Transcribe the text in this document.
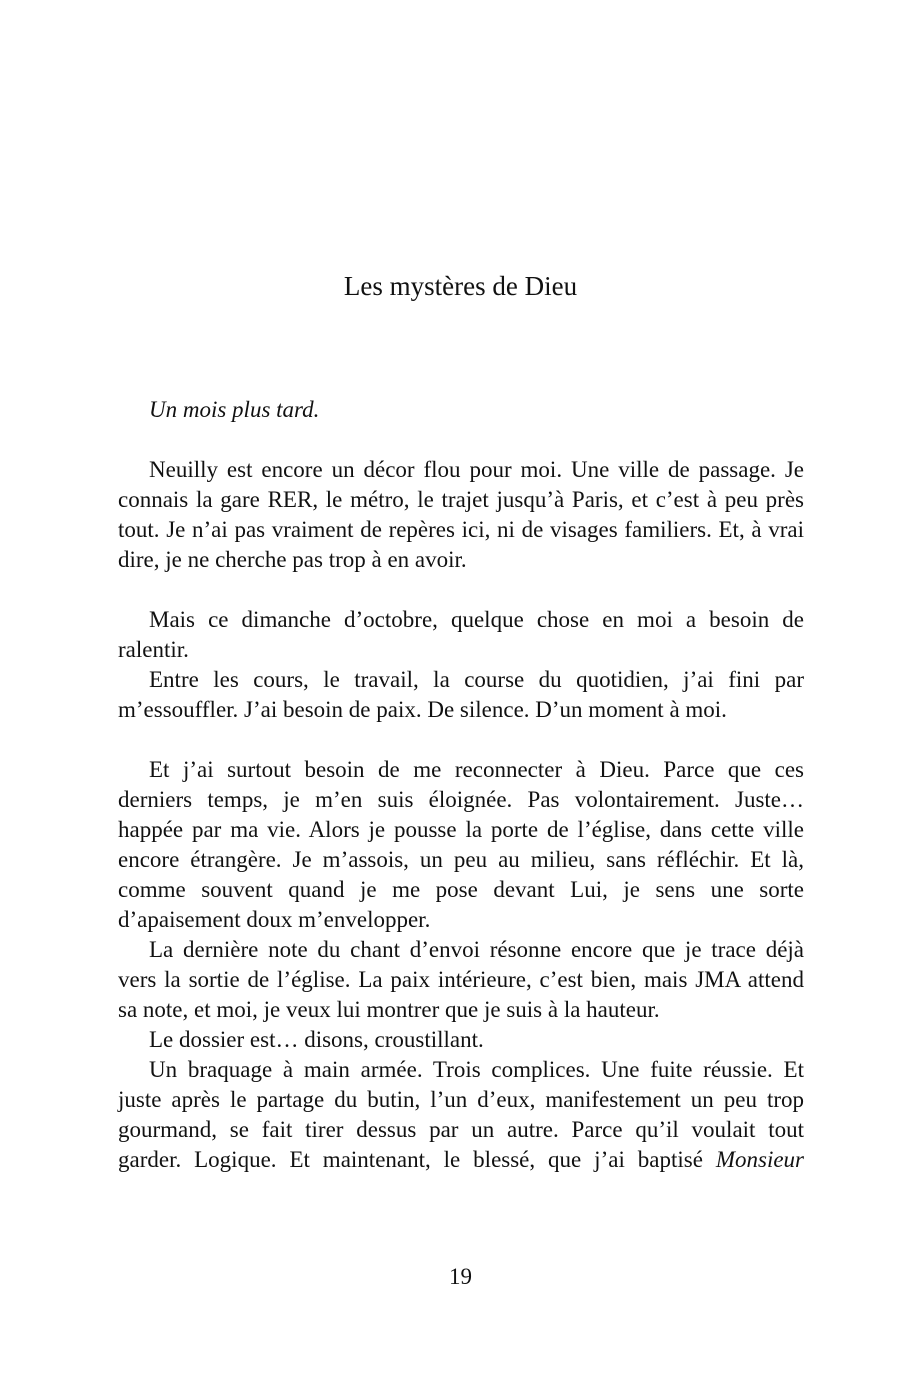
Les mystères de Dieu

Un mois plus tard.

Neuilly est encore un décor flou pour moi. Une ville de passage. Je
connais la gare RER, le métro, le trajet jusqu’à Paris, et c’est à peu près
tout. Je n’ai pas vraiment de repères ici, ni de visages familiers. Et, à vrai
dire, je ne cherche pas trop à en avoir.

Mais ce dimanche d’octobre, quelque chose en moi a besoin de
ralentir.

Entre les cours, le travail, la course du quotidien, j’ai fini par
m’essouffler. J’ai besoin de paix. De silence. D’un moment à moi.

Et j’ai surtout besoin de me reconnecter à Dieu. Parce que ces
derniers temps, je m’en suis éloignée. Pas volontairement. Juste…
happée par ma vie. Alors je pousse la porte de l’église, dans cette ville
encore étrangère. Je m’assois, un peu au milieu, sans réfléchir. Et là,
comme souvent quand je me pose devant Lui, je sens une sorte
d’apaisement doux m’envelopper.

La dernière note du chant d’envoi résonne encore que je trace déjà
vers la sortie de l’église. La paix intérieure, c’est bien, mais JMA attend
sa note, et moi, je veux lui montrer que je suis à la hauteur.

Le dossier est… disons, croustillant.

Un braquage à main armée. Trois complices. Une fuite réussie. Et
juste après le partage du butin, l’un d’eux, manifestement un peu trop
gourmand, se fait tirer dessus par un autre. Parce qu’il voulait tout
garder. Logique. Et maintenant, le blessé, que j’ai baptisé Monsieur

19
